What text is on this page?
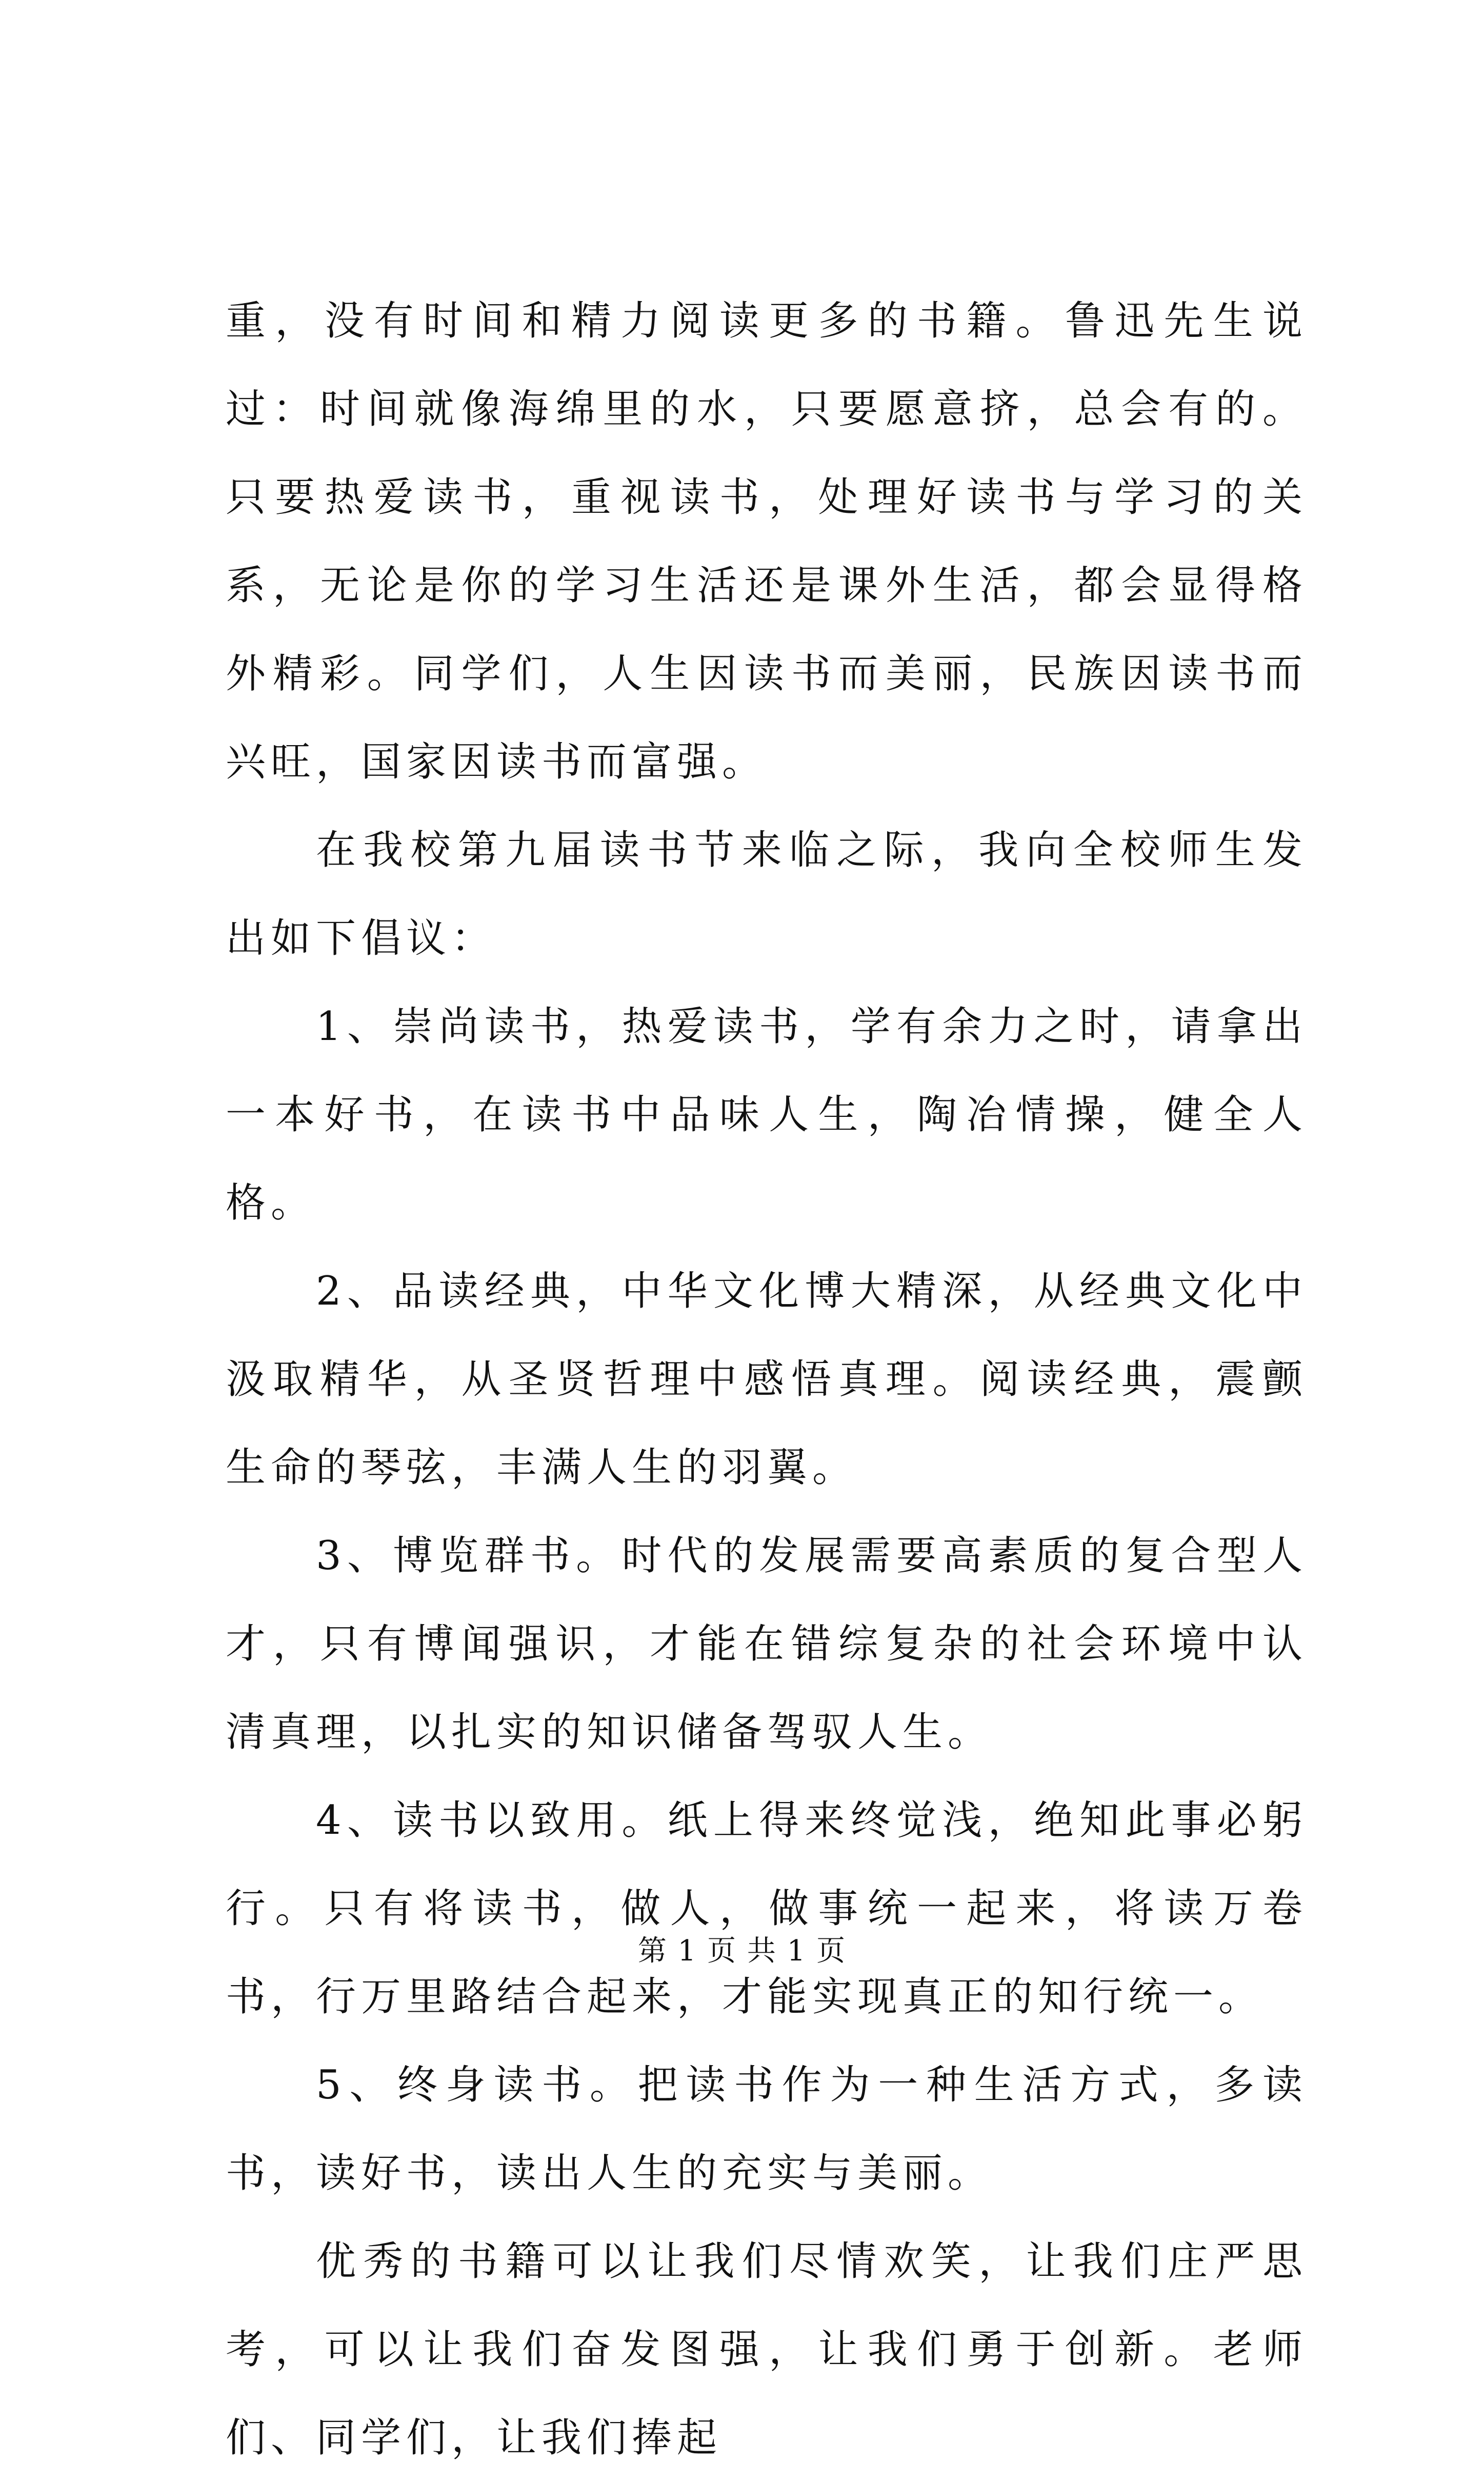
重，没有时间和精力阅读更多的书籍。鲁迅先生说过：时间就像海绵里的水，只要愿意挤，总会有的。只要热爱读书，重视读书，处理好读书与学习的关系，无论是你的学习生活还是课外生活，都会显得格外精彩。同学们，人生因读书而美丽，民族因读书而兴旺，国家因读书而富强。

在我校第九届读书节来临之际，我向全校师生发出如下倡议：

1、崇尚读书，热爱读书，学有余力之时，请拿出一本好书，在读书中品味人生，陶冶情操，健全人格。

2、品读经典，中华文化博大精深，从经典文化中汲取精华，从圣贤哲理中感悟真理。阅读经典，震颤生命的琴弦，丰满人生的羽翼。

3、博览群书。时代的发展需要高素质的复合型人才，只有博闻强识，才能在错综复杂的社会环境中认清真理，以扎实的知识储备驾驭人生。

4、读书以致用。纸上得来终觉浅，绝知此事必躬行。只有将读书，做人，做事统一起来，将读万卷书，行万里路结合起来，才能实现真正的知行统一。

5、终身读书。把读书作为一种生活方式，多读书，读好书，读出人生的充实与美丽。

优秀的书籍可以让我们尽情欢笑，让我们庄严思考，可以让我们奋发图强，让我们勇于创新。老师们、同学们，让我们捧起

第 1 页 共 1 页
